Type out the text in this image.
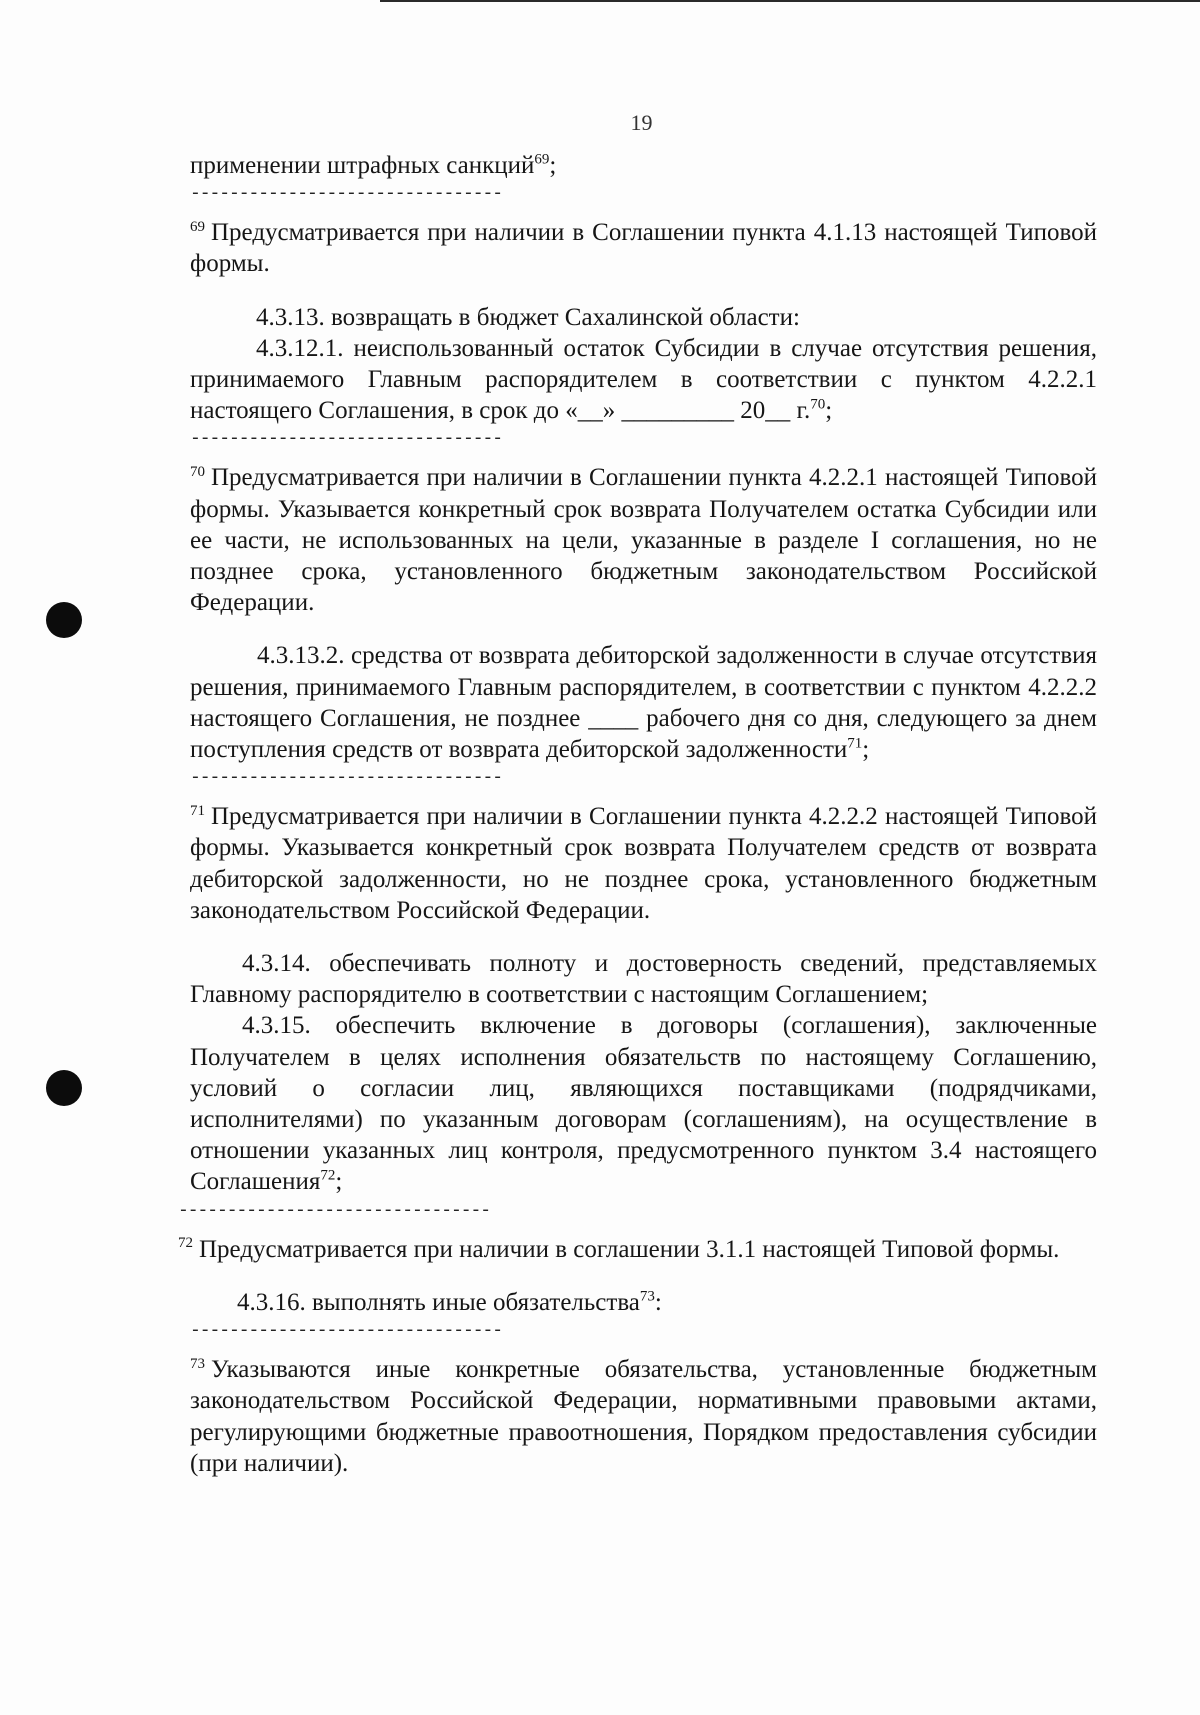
19

применении штрафных санкций$^{69}$;

--------------------------------

$^{69}$ Предусматривается при наличии в Соглашении пункта 4.1.13 настоящей Типовой формы.

4.3.13. возвращать в бюджет Сахалинской области:

4.3.12.1. неиспользованный остаток Субсидии в случае отсутствия решения, принимаемого Главным распорядителем в соответствии с пунктом 4.2.2.1 настоящего Соглашения, в срок до «__» _________ 20__ г.$^{70}$;

--------------------------------

$^{70}$ Предусматривается при наличии в Соглашении пункта 4.2.2.1 настоящей Типовой формы. Указывается конкретный срок возврата Получателем остатка Субсидии или ее части, не использованных на цели, указанные в разделе I соглашения, но не позднее срока, установленного бюджетным законодательством Российской Федерации.

4.3.13.2. средства от возврата дебиторской задолженности в случае отсутствия решения, принимаемого Главным распорядителем, в соответствии с пунктом 4.2.2.2 настоящего Соглашения, не позднее ____ рабочего дня со дня, следующего за днем поступления средств от возврата дебиторской задолженности$^{71}$;

--------------------------------

$^{71}$ Предусматривается при наличии в Соглашении пункта 4.2.2.2 настоящей Типовой формы. Указывается конкретный срок возврата Получателем средств от возврата дебиторской задолженности, но не позднее срока, установленного бюджетным законодательством Российской Федерации.

4.3.14. обеспечивать полноту и достоверность сведений, представляемых Главному распорядителю в соответствии с настоящим Соглашением;

4.3.15. обеспечить включение в договоры (соглашения), заключенные Получателем в целях исполнения обязательств по настоящему Соглашению, условий о согласии лиц, являющихся поставщиками (подрядчиками, исполнителями) по указанным договорам (соглашениям), на осуществление в отношении указанных лиц контроля, предусмотренного пунктом 3.4 настоящего Соглашения$^{72}$;

--------------------------------

$^{72}$ Предусматривается при наличии в соглашении 3.1.1 настоящей Типовой формы.

4.3.16. выполнять иные обязательства$^{73}$:

--------------------------------

$^{73}$ Указываются иные конкретные обязательства, установленные бюджетным законодательством Российской Федерации, нормативными правовыми актами, регулирующими бюджетные правоотношения, Порядком предоставления субсидии (при наличии).
